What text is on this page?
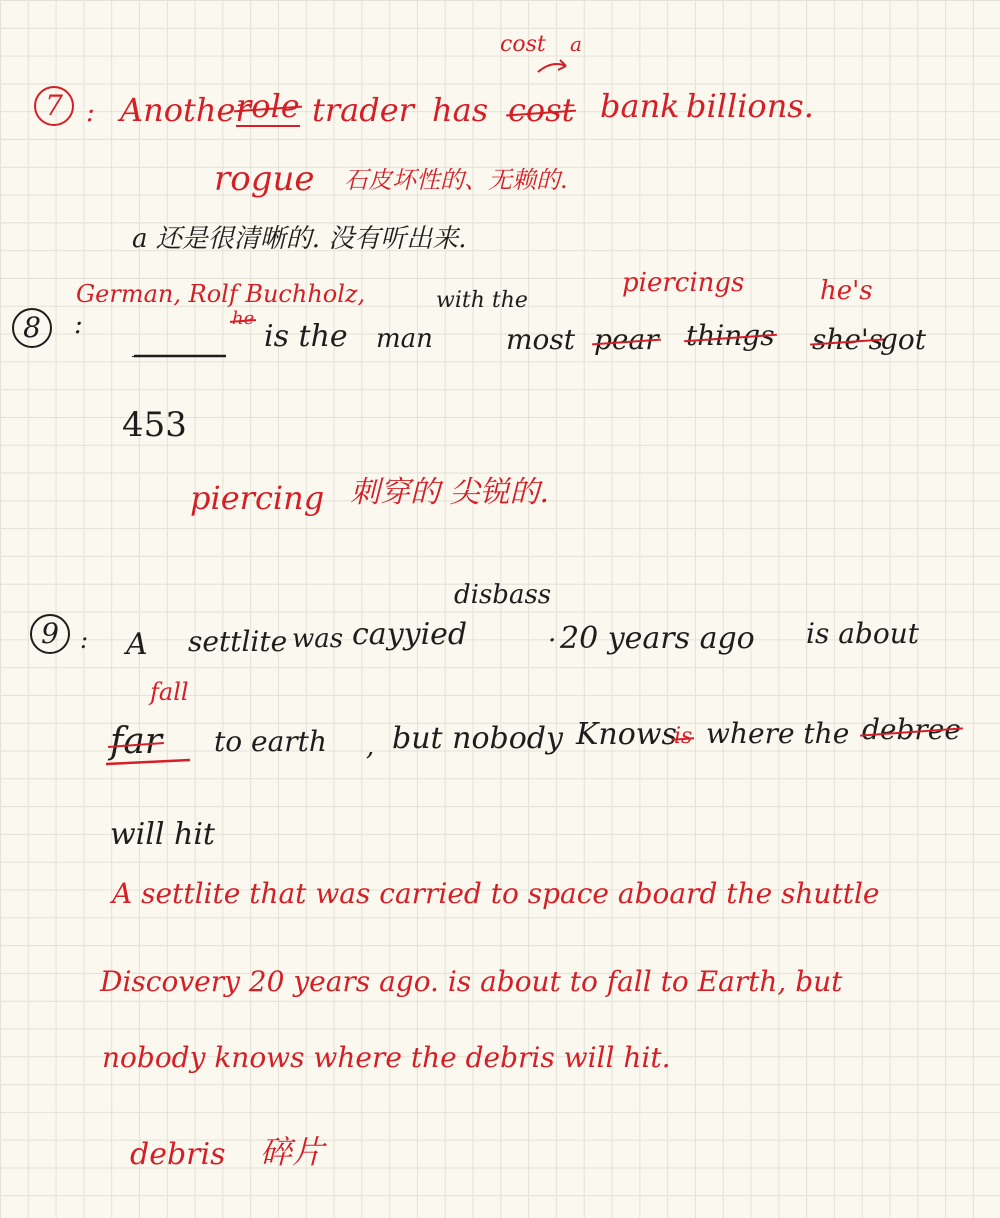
7 :
cost a
Another
role trader has cost bank billions.
rogue 石皮坏性的、无赖的.
a 还是很清晰的. 没有听出来.
8
German, Rolf Buchholz,
he
:
______ is the man
with the
most
piercings	he's
pear things she's
got
453
piercing 刺穿的 尖锐的.
9 : A settlite was cayyied
disbass
. 20 years ago is about
fall
far to earth , but nobody Knows
is where the debree
will hit
A settlite that was carried to space aboard the shuttle
Discovery 20 years ago. is about to fall to Earth, but
nobody knows where the debris will hit.
debris 碎片
